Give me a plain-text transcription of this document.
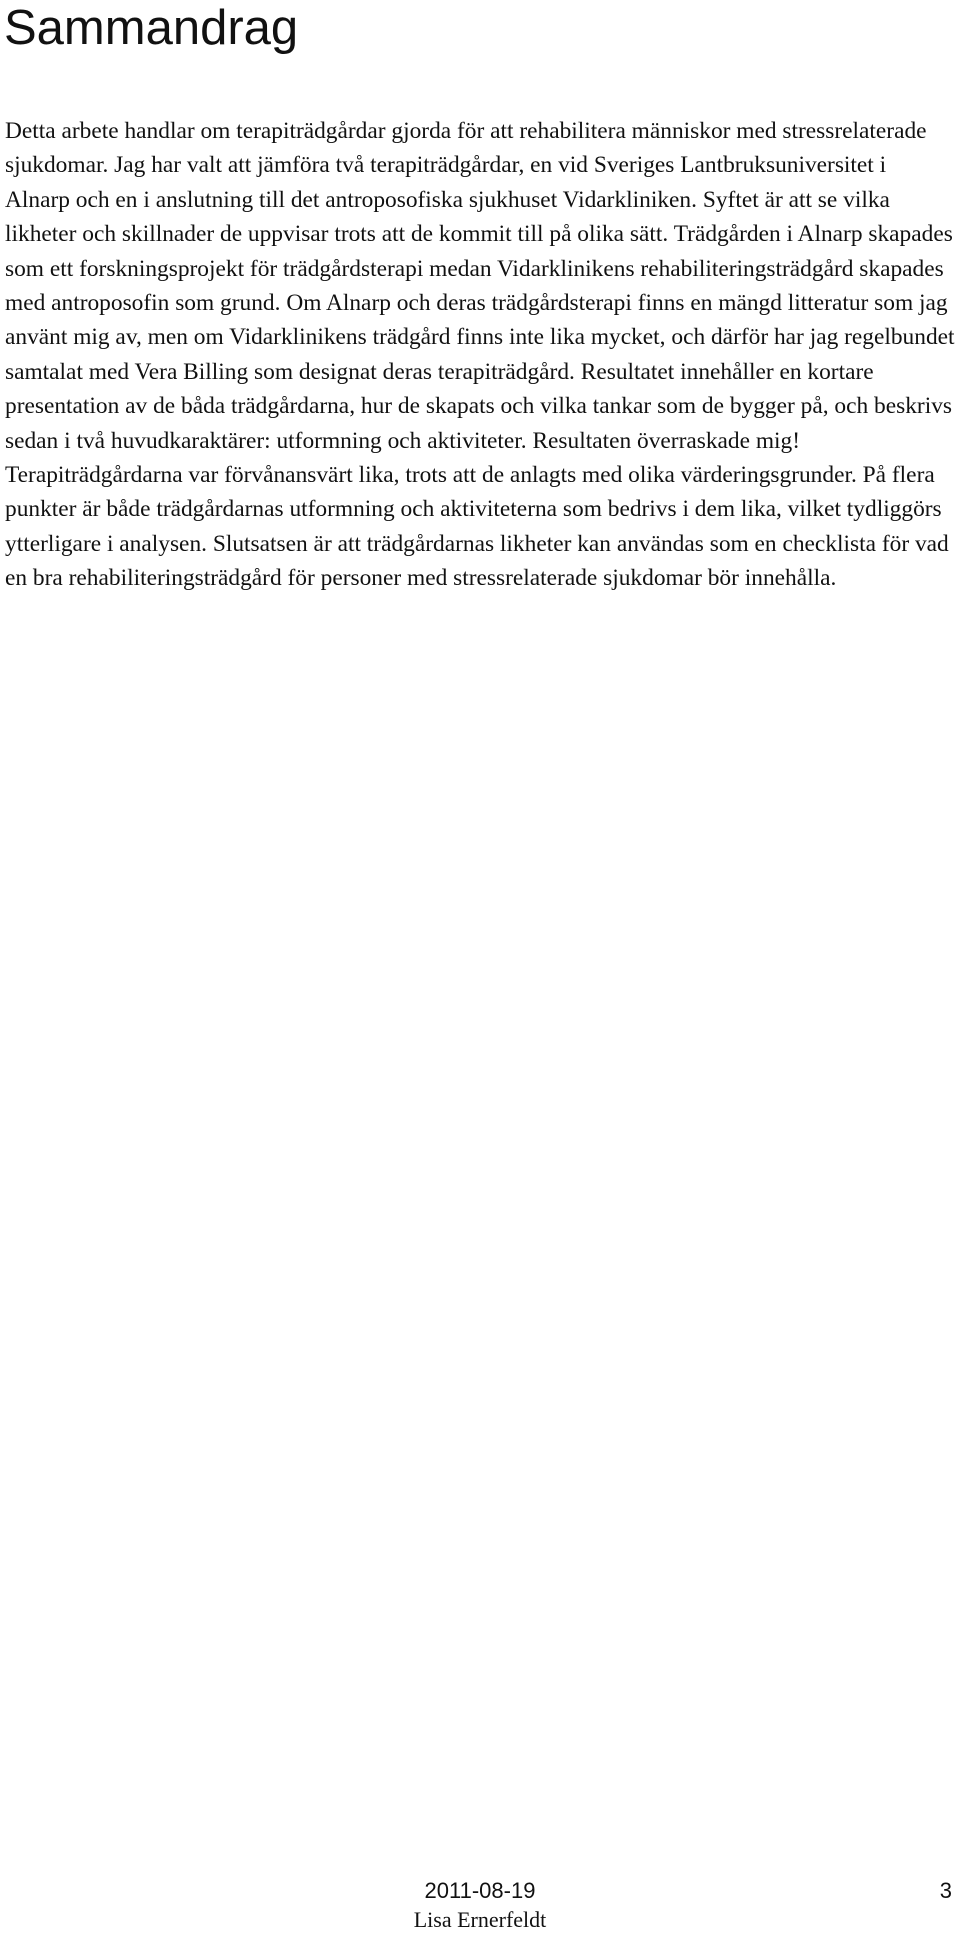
Sammandrag

Detta arbete handlar om terapiträdgårdar gjorda för att rehabilitera människor med stressrelaterade sjukdomar. Jag har valt att jämföra två terapiträdgårdar, en vid Sveriges Lantbruksuniversitet i Alnarp och en i anslutning till det antroposofiska sjukhuset Vidarkliniken. Syftet är att se vilka likheter och skillnader de uppvisar trots att de kommit till på olika sätt. Trädgården i Alnarp skapades som ett forskningsprojekt för trädgårdsterapi medan Vidarklinikens rehabiliteringsträdgård skapades med antroposofin som grund. Om Alnarp och deras trädgårdsterapi finns en mängd litteratur som jag använt mig av, men om Vidarklinikens trädgård finns inte lika mycket, och därför har jag regelbundet samtalat med Vera Billing som designat deras terapiträdgård. Resultatet innehåller en kortare presentation av de båda trädgårdarna, hur de skapats och vilka tankar som de bygger på, och beskrivs sedan i två huvudkaraktärer: utformning och aktiviteter. Resultaten överraskade mig! Terapiträdgårdarna var förvånansvärt lika, trots att de anlagts med olika värderingsgrunder. På flera punkter är både trädgårdarnas utformning och aktiviteterna som bedrivs i dem lika, vilket tydliggörs ytterligare i analysen. Slutsatsen är att trädgårdarnas likheter kan användas som en checklista för vad en bra rehabiliteringsträdgård för personer med stressrelaterade sjukdomar bör innehålla.

2011-08-19
Lisa Ernerfeldt
3
